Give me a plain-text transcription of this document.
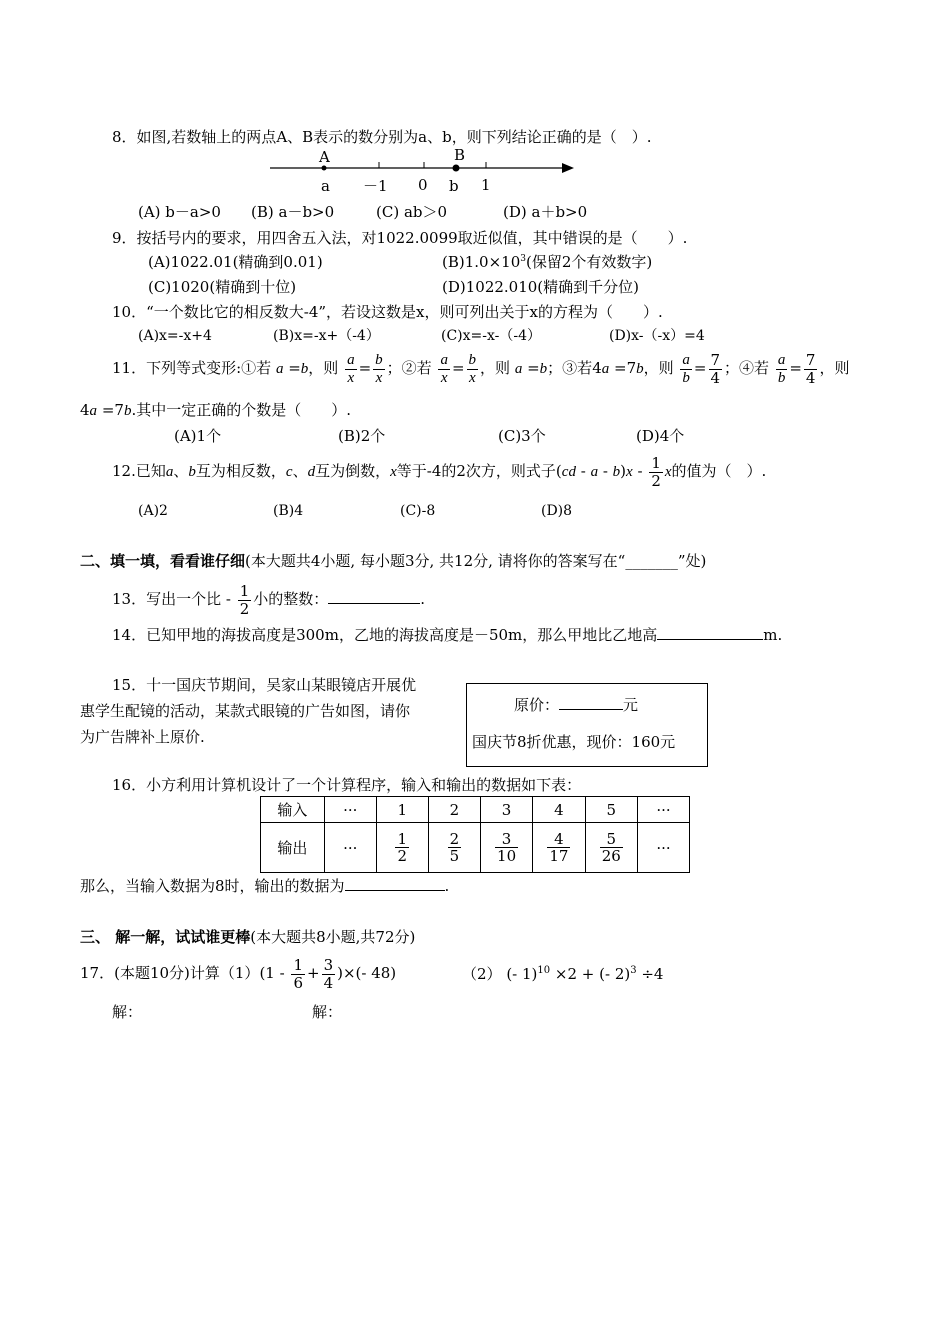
8．如图,若数轴上的两点A、B表示的数分别为a、b，则下列结论正确的是（　）.
A	B
a －1 0 b 1
(A) b－a>0 (B) a－b>0	(C) ab＞0	(D) a＋b>0
9．按括号内的要求，用四舍五入法，对1022.0099取近似值，其中错误的是（　　）.
(A)1022.01(精确到0.01)	$(B)1.0\times 10^3$(保留2个有效数字)
(C)1020(精确到十位)	(D)1022.010(精确到千分位)
10．“一个数比它的相反数大-4”，若设这数是x，则可列出关于x的方程为（　　）.
(A)x=-x+4	(B)x=-x+（-4）	(C)x=-x-（-4）	(D)x-（-x）=4
11．下列等式变形:①若 a =b，则 $\frac{a}{x} = \frac{b}{x}$ ；②若 $\frac{a}{x} = \frac{b}{x}$ ，则 a =b；③若4a =7b，则 $\frac{a}{b} = \frac{7}{4}$ ；④若 $\frac{a}{b} = \frac{7}{4}$ ，则
4a =7b.其中一定正确的个数是（　　）.
(A)1个	(B)2个	(C)3个	(D)4个
12.已知a、b互为相反数，c、d互为倒数，x等于-4的2次方，则式子(cd - a - $b)x - \frac{1}{2}$ x的值为（　）.
(A)2	(B)4	(C)-8	(D)8
二、填一填，看看谁仔细(本大题共4小题, 每小题3分, 共12分, 请将你的答案写在“_______”处)
13．写出一个比 - $\frac{1}{2}$ 小的整数：	.
14．已知甲地的海拔高度是300m，乙地的海拔高度是－50m，那么甲地比乙地高	m.
15．十一国庆节期间，吴家山某眼镜店开展优
惠学生配镜的活动，某款式眼镜的广告如图，请你
为广告牌补上原价.
原价：	元
国庆节8折优惠，现价：160元
16．小方利用计算机设计了一个计算程序，输入和输出的数据如下表：
输入	···	1	2	3	4	5	···
输出	···	$\frac{1}{2}$	$\frac{2}{5}$	$\frac{3}{10}$	$\frac{4}{17}$	$\frac{5}{26}$	···
那么，当输入数据为8时，输出的数据为	.
三、 解一解，试试谁更棒(本大题共8小题,共72分)
17．(本题10分)计算$(1)(1 - \frac{1}{6} + \frac{3}{4}$ )×(- 48)	（2） (- 1)$^{10}$ ×2 + (- 2)$^3$ ÷4
解：	解：
